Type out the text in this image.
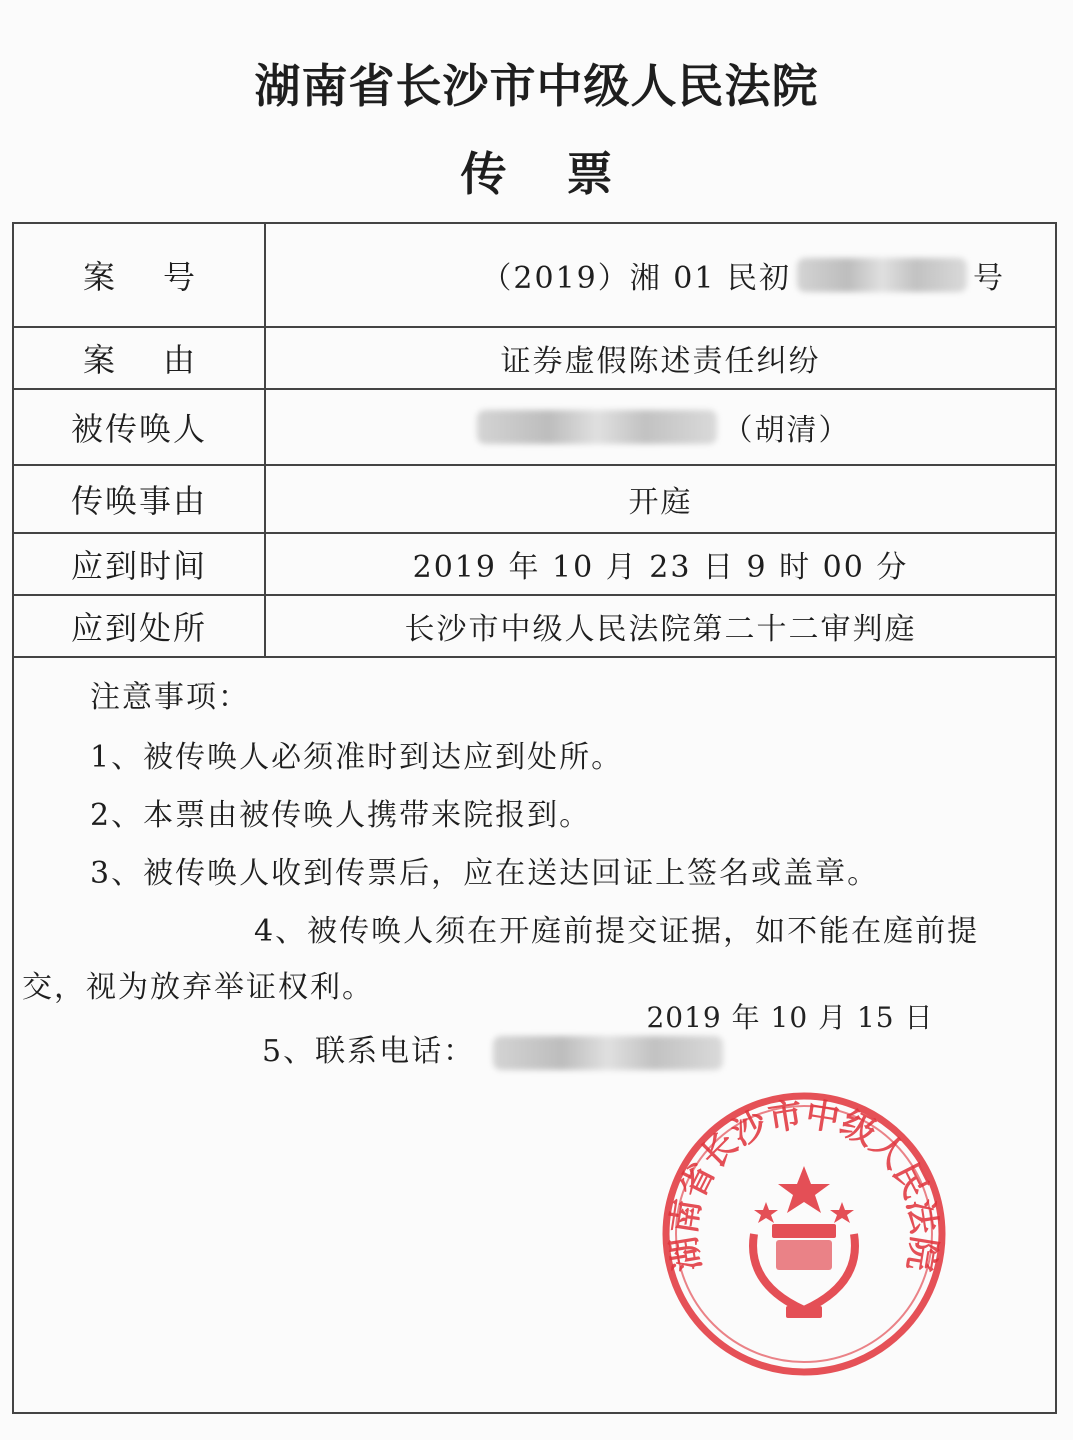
湖南省长沙市中级人民法院
传票
案号	（2019）湘 01 民初	号
案由	证券虚假陈述责任纠纷
被传唤人	（胡清）
传唤事由	开庭
应到时间	2019 年 10 月 23 日 9 时 00 分
应到处所	长沙市中级人民法院第二十二审判庭
注意事项：
1、被传唤人必须准时到达应到处所。
2、本票由被传唤人携带来院报到。
3、被传唤人收到传票后，应在送达回证上签名或盖章。
4、被传唤人须在开庭前提交证据，如不能在庭前提
交，视为放弃举证权利。
5、联系电话：
湖南省长沙市中级人民法院
2019 年 10 月 15 日
